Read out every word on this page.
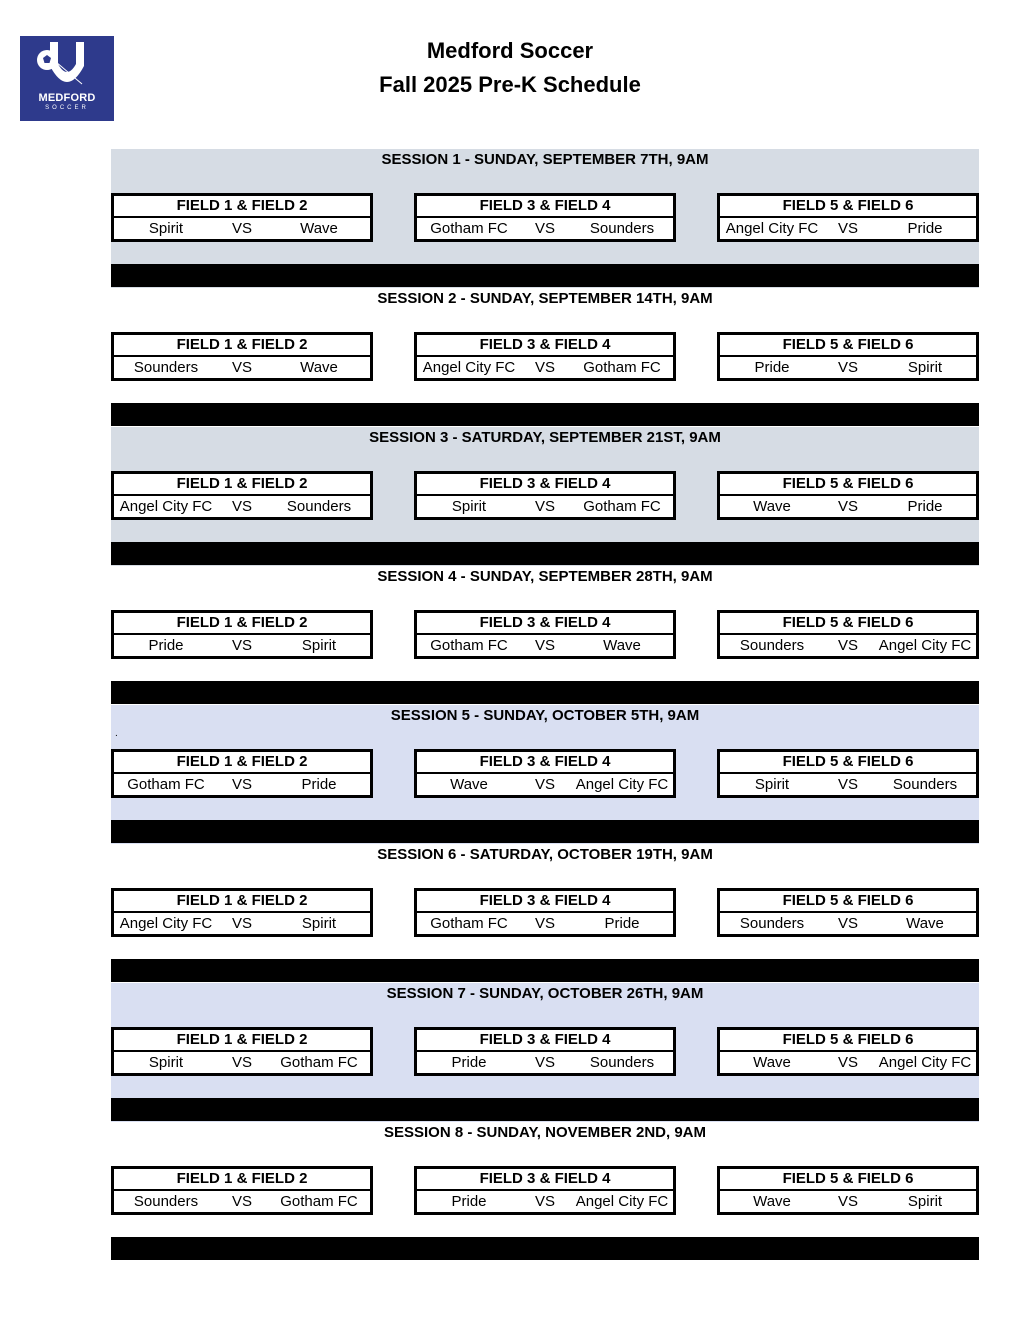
MEDFORD
SOCCER
Medford Soccer
Fall 2025 Pre-K Schedule
SESSION 1 - SUNDAY, SEPTEMBER 7TH, 9AM
FIELD 1 & FIELD 2
Spirit	VS	Wave
FIELD 3 & FIELD 4
Gotham FC	VS	Sounders
FIELD 5 & FIELD 6
Angel City FC	VS	Pride
SESSION 2 - SUNDAY, SEPTEMBER 14TH, 9AM
FIELD 1 & FIELD 2
Sounders	VS	Wave
FIELD 3 & FIELD 4
Angel City FC	VS	Gotham FC
FIELD 5 & FIELD 6
Pride	VS	Spirit
SESSION 3 - SATURDAY, SEPTEMBER 21ST, 9AM
FIELD 1 & FIELD 2
Angel City FC	VS	Sounders
FIELD 3 & FIELD 4
Spirit	VS	Gotham FC
FIELD 5 & FIELD 6
Wave	VS	Pride
SESSION 4 - SUNDAY, SEPTEMBER 28TH, 9AM
FIELD 1 & FIELD 2
Pride	VS	Spirit
FIELD 3 & FIELD 4
Gotham FC	VS	Wave
FIELD 5 & FIELD 6
Sounders	VS	Angel City FC
SESSION 5 - SUNDAY, OCTOBER 5TH, 9AM
.
FIELD 1 & FIELD 2
Gotham FC	VS	Pride
FIELD 3 & FIELD 4
Wave	VS	Angel City FC
FIELD 5 & FIELD 6
Spirit	VS	Sounders
SESSION 6 - SATURDAY, OCTOBER 19TH, 9AM
FIELD 1 & FIELD 2
Angel City FC	VS	Spirit
FIELD 3 & FIELD 4
Gotham FC	VS	Pride
FIELD 5 & FIELD 6
Sounders	VS	Wave
SESSION 7 - SUNDAY, OCTOBER 26TH, 9AM
FIELD 1 & FIELD 2
Spirit	VS	Gotham FC
FIELD 3 & FIELD 4
Pride	VS	Sounders
FIELD 5 & FIELD 6
Wave	VS	Angel City FC
SESSION 8 - SUNDAY, NOVEMBER 2ND, 9AM
FIELD 1 & FIELD 2
Sounders	VS	Gotham FC
FIELD 3 & FIELD 4
Pride	VS	Angel City FC
FIELD 5 & FIELD 6
Wave	VS	Spirit
